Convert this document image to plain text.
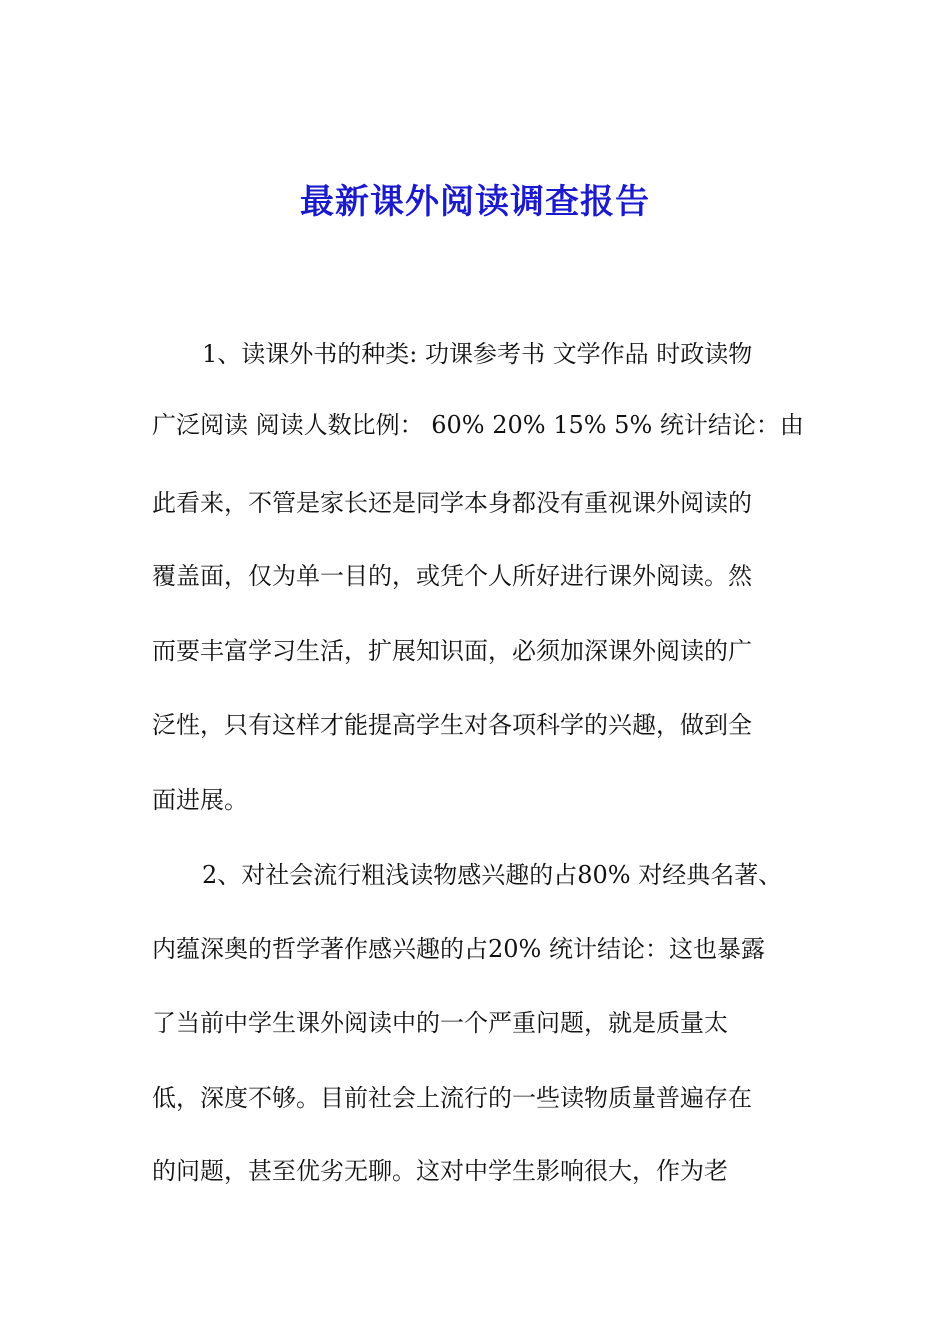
最新课外阅读调查报告
1、读课外书的种类: 功课参考书 文学作品 时政读物
广泛阅读 阅读人数比例： 60% 20% 15% 5% 统计结论：由
此看来，不管是家长还是同学本身都没有重视课外阅读的
覆盖面，仅为单一目的，或凭个人所好进行课外阅读。然
而要丰富学习生活，扩展知识面，必须加深课外阅读的广
泛性，只有这样才能提高学生对各项科学的兴趣，做到全
面进展。
2、对社会流行粗浅读物感兴趣的占80% 对经典名著、
内蕴深奥的哲学著作感兴趣的占20% 统计结论：这也暴露
了当前中学生课外阅读中的一个严重问题，就是质量太
低，深度不够。目前社会上流行的一些读物质量普遍存在
的问题，甚至优劣无聊。这对中学生影响很大，作为老
